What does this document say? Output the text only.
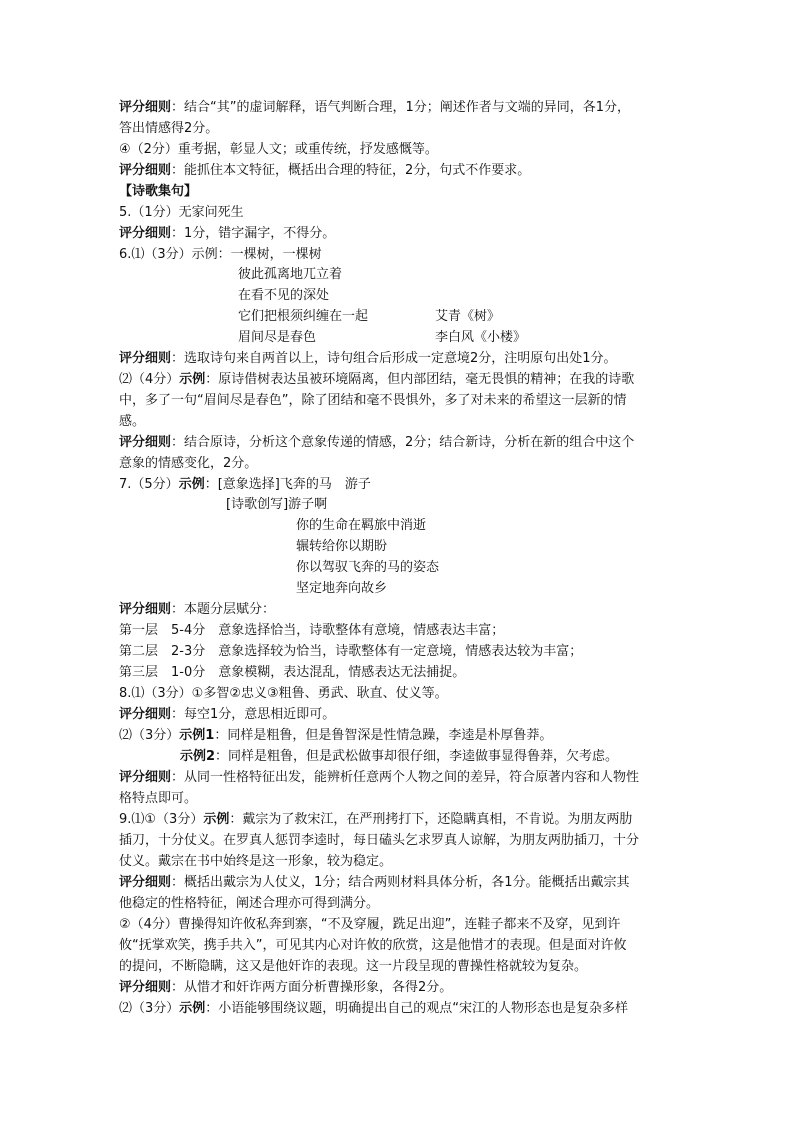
评分细则：结合“其”的虚词解释，语气判断合理，1分；阐述作者与文端的异同，各1分，
答出情感得2分。
④（2分）重考据，彰显人文；或重传统，抒发感慨等。
评分细则：能抓住本文特征，概括出合理的特征，2分，句式不作要求。
【诗歌集句】
5.（1分）无家问死生
评分细则：1分，错字漏字，不得分。
6.⑴（3分）示例：一棵树，一棵树
彼此孤离地兀立着
在看不见的深处
它们把根须纠缠在一起	艾青《树》
眉间尽是春色	李白风《小楼》
评分细则：选取诗句来自两首以上，诗句组合后形成一定意境2分，注明原句出处1分。
⑵（4分）示例：原诗借树表达虽被环境隔离，但内部团结，毫无畏惧的精神；在我的诗歌
中，多了一句“眉间尽是春色”，除了团结和毫不畏惧外，多了对未来的希望这一层新的情
感。
评分细则：结合原诗，分析这个意象传递的情感，2分；结合新诗，分析在新的组合中这个
意象的情感变化，2分。
7.（5分）示例：[意象选择]飞奔的马　游子
[诗歌创写]游子啊
你的生命在羁旅中消逝
辗转给你以期盼
你以驾驭飞奔的马的姿态
坚定地奔向故乡
评分细则：本题分层赋分：
第一层　5-4分　意象选择恰当，诗歌整体有意境，情感表达丰富；
第二层　2-3分　意象选择较为恰当，诗歌整体有一定意境，情感表达较为丰富；
第三层　1-0分　意象模糊，表达混乱，情感表达无法捕捉。
8.⑴（3分）①多智②忠义③粗鲁、勇武、耿直、仗义等。
评分细则：每空1分，意思相近即可。
⑵（3分）示例1：同样是粗鲁，但是鲁智深是性情急躁，李逵是朴厚鲁莽。
示例2：同样是粗鲁，但是武松做事却很仔细，李逵做事显得鲁莽，欠考虑。
评分细则：从同一性格特征出发，能辨析任意两个人物之间的差异，符合原著内容和人物性
格特点即可。
9.⑴①（3分）示例：戴宗为了救宋江，在严刑拷打下，还隐瞒真相，不肯说。为朋友两肋
插刀，十分仗义。在罗真人惩罚李逵时，每日磕头乞求罗真人谅解，为朋友两肋插刀，十分
仗义。戴宗在书中始终是这一形象，较为稳定。
评分细则：概括出戴宗为人仗义，1分；结合两则材料具体分析，各1分。能概括出戴宗其
他稳定的性格特征，阐述合理亦可得到满分。
②（4分）曹操得知许攸私奔到寨，“不及穿履，跣足出迎”，连鞋子都来不及穿，见到许
攸“抚掌欢笑，携手共入”，可见其内心对许攸的欣赏，这是他惜才的表现。但是面对许攸
的提问，不断隐瞒，这又是他奸诈的表现。这一片段呈现的曹操性格就较为复杂。
评分细则：从惜才和奸诈两方面分析曹操形象，各得2分。
⑵（3分）示例：小语能够围绕议题，明确提出自己的观点“宋江的人物形态也是复杂多样
